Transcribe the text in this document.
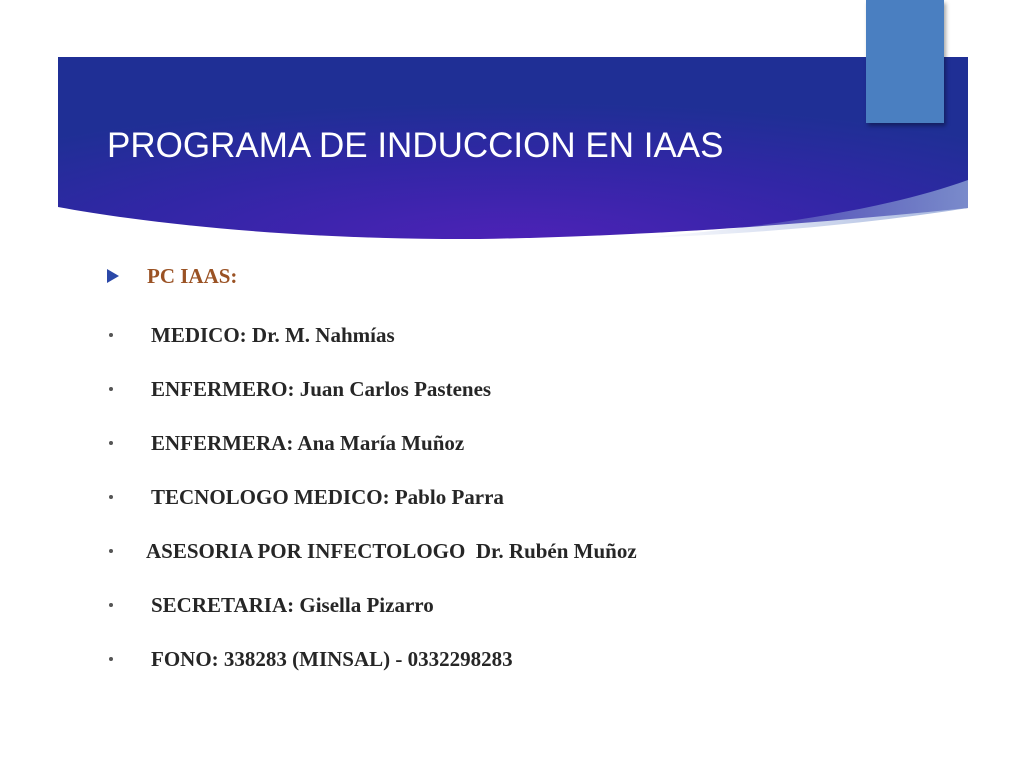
PROGRAMA DE INDUCCION EN IAAS
PC IAAS:
MEDICO: Dr. M. Nahmías
ENFERMERO: Juan Carlos Pastenes
ENFERMERA: Ana María Muñoz
TECNOLOGO MEDICO: Pablo Parra
ASESORIA POR INFECTOLOGO  Dr. Rubén Muñoz
SECRETARIA: Gisella Pizarro
FONO: 338283 (MINSAL) - 0332298283
